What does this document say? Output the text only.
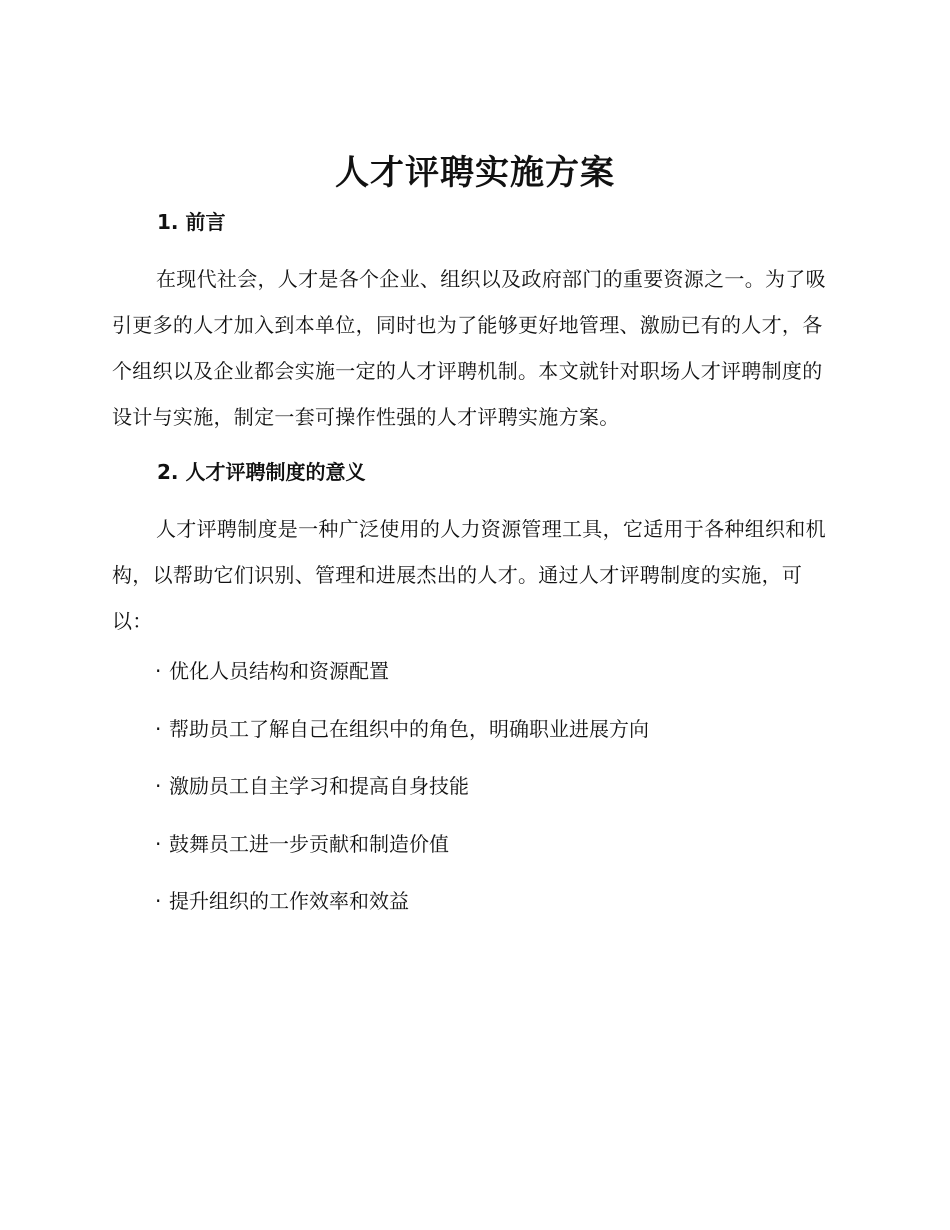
人才评聘实施方案
1. 前言

在现代社会，人才是各个企业、组织以及政府部门的重要资源之一。为了吸引更多的人才加入到本单位，同时也为了能够更好地管理、激励已有的人才，各个组织以及企业都会实施一定的人才评聘机制。本文就针对职场人才评聘制度的设计与实施，制定一套可操作性强的人才评聘实施方案。

2. 人才评聘制度的意义

人才评聘制度是一种广泛使用的人力资源管理工具，它适用于各种组织和机构，以帮助它们识别、管理和进展杰出的人才。通过人才评聘制度的实施，可以：

· 优化人员结构和资源配置
· 帮助员工了解自己在组织中的角色，明确职业进展方向
· 激励员工自主学习和提高自身技能
· 鼓舞员工进一步贡献和制造价值
· 提升组织的工作效率和效益
